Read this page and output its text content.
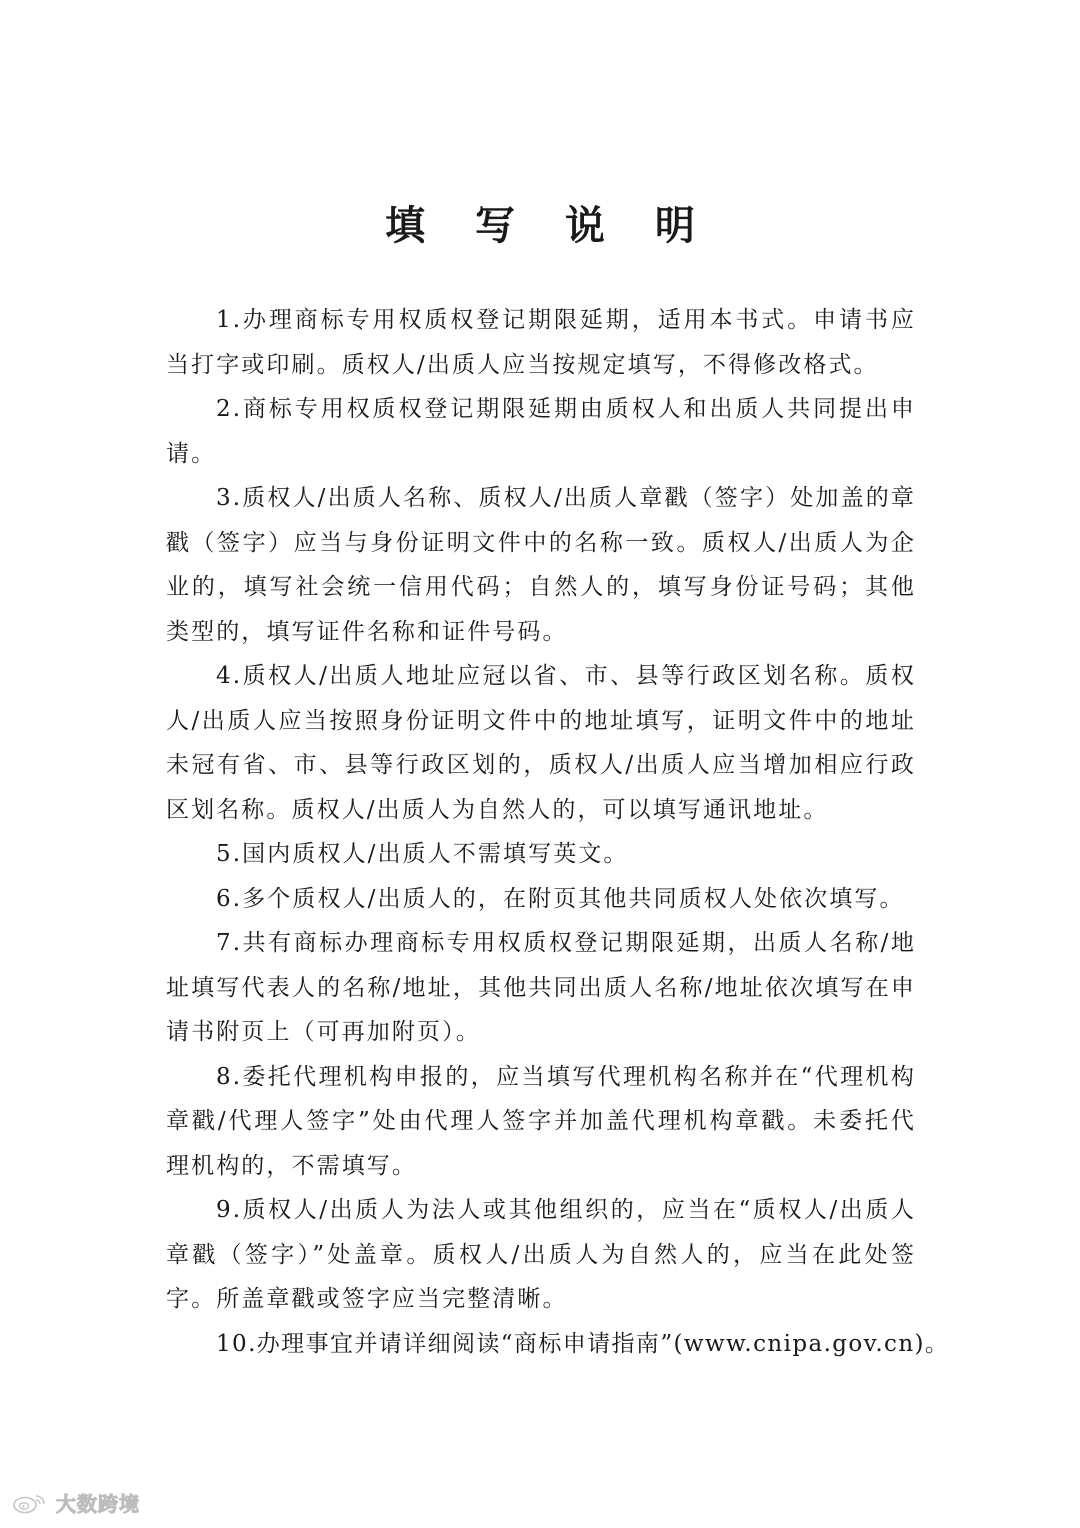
填 写 说 明

1.办理商标专用权质权登记期限延期，适用本书式。申请书应当打字或印刷。质权人/出质人应当按规定填写，不得修改格式。

2.商标专用权质权登记期限延期由质权人和出质人共同提出申请。

3.质权人/出质人名称、质权人/出质人章戳（签字）处加盖的章戳（签字）应当与身份证明文件中的名称一致。质权人/出质人为企业的，填写社会统一信用代码；自然人的，填写身份证号码；其他类型的，填写证件名称和证件号码。

4.质权人/出质人地址应冠以省、市、县等行政区划名称。质权人/出质人应当按照身份证明文件中的地址填写，证明文件中的地址未冠有省、市、县等行政区划的，质权人/出质人应当增加相应行政区划名称。质权人/出质人为自然人的，可以填写通讯地址。

5.国内质权人/出质人不需填写英文。

6.多个质权人/出质人的，在附页其他共同质权人处依次填写。

7.共有商标办理商标专用权质权登记期限延期，出质人名称/地址填写代表人的名称/地址，其他共同出质人名称/地址依次填写在申请书附页上（可再加附页）。

8.委托代理机构申报的，应当填写代理机构名称并在“代理机构章戳/代理人签字”处由代理人签字并加盖代理机构章戳。未委托代理机构的，不需填写。

9.质权人/出质人为法人或其他组织的，应当在“质权人/出质人章戳（签字）”处盖章。质权人/出质人为自然人的，应当在此处签字。所盖章戳或签字应当完整清晰。

10.办理事宜并请详细阅读“商标申请指南”(www.cnipa.gov.cn)。

大数跨境
